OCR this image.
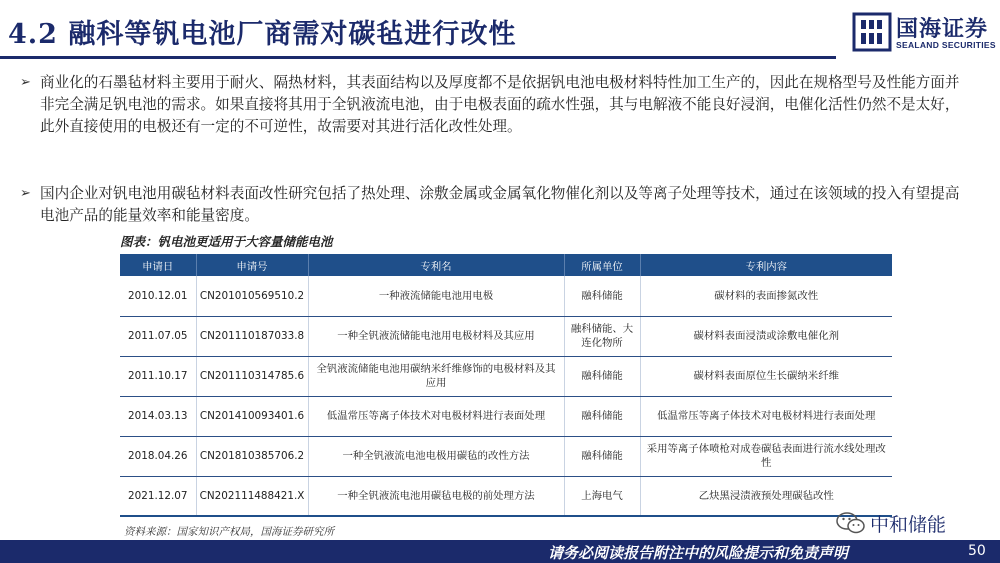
4.2 融科等钒电池厂商需对碳毡进行改性	国海证券
SEALAND SECURITIES
➢ 商业化的石墨毡材料主要用于耐火、隔热材料，其表面结构以及厚度都不是依据钒电池电极材料特性加工生产的，因此在规格型号及性能方面并非完全满足钒电池的需求。如果直接将其用于全钒液流电池，由于电极表面的疏水性强，其与电解液不能良好浸润，电催化活性仍然不是太好，此外直接使用的电极还有一定的不可逆性，故需要对其进行活化改性处理。
➢ 国内企业对钒电池用碳毡材料表面改性研究包括了热处理、涂敷金属或金属氧化物催化剂以及等离子处理等技术，通过在该领域的投入有望提高电池产品的能量效率和能量密度。
图表：钒电池更适用于大容量储能电池
申请日	申请号	专利名	所属单位	专利内容
2010.12.01	CN201010569510.2	一种液流储能电池用电极	融科储能	碳材料的表面掺氮改性
2011.07.05	CN201110187033.8	一种全钒液流储能电池用电极材料及其应用	融科储能、大连化物所	碳材料表面浸渍或涂敷电催化剂
2011.10.17	CN201110314785.6	全钒液流储能电池用碳纳米纤维修饰的电极材料及其应用	融科储能	碳材料表面原位生长碳纳米纤维
2014.03.13	CN201410093401.6	低温常压等离子体技术对电极材料进行表面处理	融科储能	低温常压等离子体技术对电极材料进行表面处理
2018.04.26	CN201810385706.2	一种全钒液流电池电极用碳毡的改性方法	融科储能	采用等离子体喷枪对成卷碳毡表面进行流水线处理改性
2021.12.07	CN202111488421.X	一种全钒液流电池用碳毡电极的前处理方法	上海电气	乙炔黑浸渍液预处理碳毡改性
资料来源：国家知识产权局，国海证券研究所	中和储能
请务必阅读报告附注中的风险提示和免责声明	50
